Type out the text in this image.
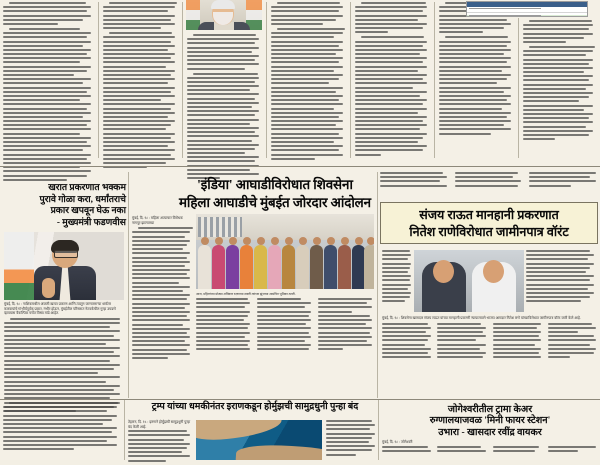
खरात प्रकरणात भक्कम
पुरावे गोळा करा, धर्मांतराचे
प्रकार खपवून घेऊ नका
- मुख्यमंत्री फडणवीस
मुंबई, दि. १८ : नाशिकमधील अंजली खरात प्रकरण आणि त्यातून जाणवणाऱ्या धर्मांतर कारवायांचे गांभीर्यपूर्वक प्रकार, गंभीर होऊन, मुंबईतील परिसरात नेटवर्कचील गुन्हा उघडणे व्हावयास वैकल्पिक चर्चेत विषय मांडे आहेत.
'इंडिया' आघाडीविरोधात शिवसेना
महिला आघाडीचे मुंबईत जोरदार आंदोलन
मुंबई, दि. १८ : महिला अत्याचार विरोधक नागपूर झाल्याच्या
आज, महिलांच्या मोठ्या अधिकार रक्षणाचा शक्ती त्यांच्या झुंजाचा आमंत्रित भूमिका ठरली.
संजय राऊत मानहानी प्रकरणात
नितेश राणेविरोधात जामीनपात्र वॉरंट
मुंबई, दि. १८ : शिवसेना खासदार संजय राऊत यांच्या मानहानी प्रकरणी न्यायालयाने भाजप आमदार नितेश राणे यांच्याविरोधात जामीनपात्र वॉरंट जारी केले आहे.
ट्रम्प यांच्या धमकीनंतर इराणकडून होर्मुझची सामुद्रधुनी पुन्हा बंद
तेहरान, दि. १८ : इराणने होर्मुझची सामुद्रधुनी पुन्हा बंद केली आहे.
जोगेश्वरीतील ट्रामा केअर
रुग्णालयाजवळ 'मिनी फायर स्टेशन'
उभारा - खासदार रवींद्र वायकर
मुंबई, दि. १८ : जोगेश्वरी
